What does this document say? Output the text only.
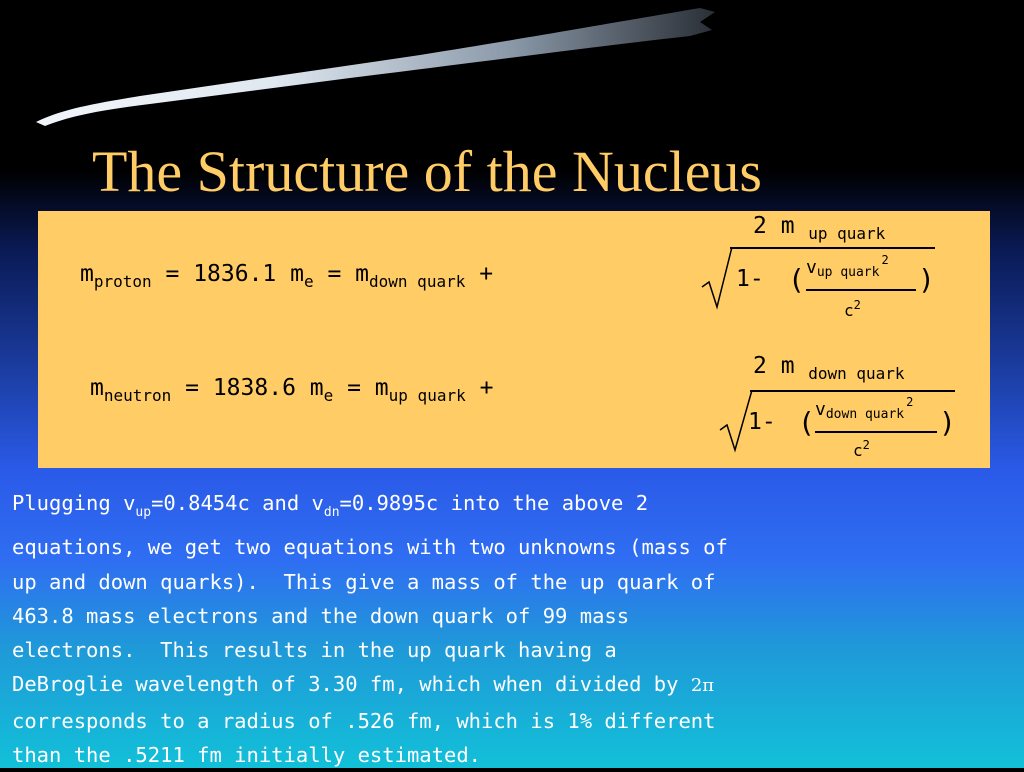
The Structure of the Nucleus
$m_{proton} = 1836.1$ $m_e = m_{down quark}$ +
2 m up quark
1- ( vup quark$^2$
$c^2$
)
$m_{neutron} = 1838.6$ $m_e = m_{up quark}$ +
2 m down quark
1- ( vdown quark$^2$
$c^2$
)
Plugging $v_{up}=0.8454c$ and $v_{dn}=0.9895c$ into the above 2
equations, we get two equations with two unknowns (mass of
up and down quarks).  This give a mass of the up quark of
463.8 mass electrons and the down quark of 99 mass
electrons.  This results in the up quark having a
DeBroglie wavelength of 3.30 fm, which when divided by 2π
corresponds to a radius of .526 fm, which is 1% different
than the .5211 fm initially estimated.
